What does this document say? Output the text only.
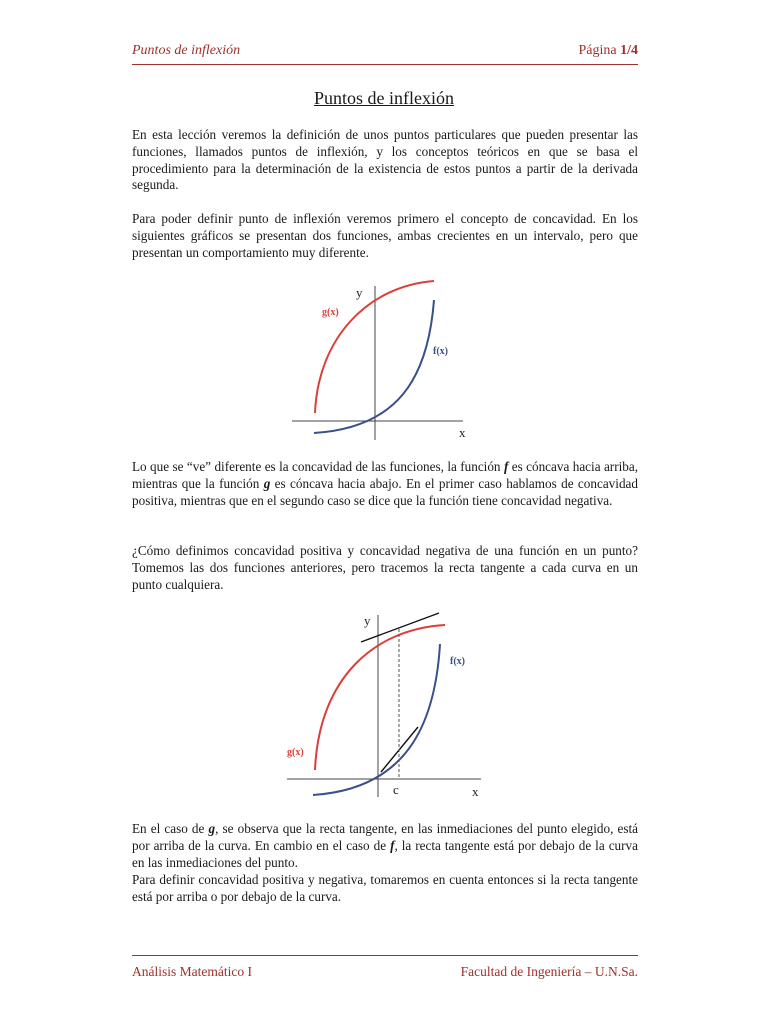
Puntos de inflexión	Página 1/4
Puntos de inflexión

En esta lección veremos la definición de unos puntos particulares que pueden presentar las funciones, llamados puntos de inflexión, y los conceptos teóricos en que se basa el procedimiento para la determinación de la existencia de estos puntos a partir de la derivada segunda.

Para poder definir punto de inflexión veremos primero el concepto de concavidad. En los siguientes gráficos se presentan dos funciones, ambas crecientes en un intervalo, pero que presentan un comportamiento muy diferente.

y
x
g(x)
f(x)

Lo que se “ve” diferente es la concavidad de las funciones, la función f es cóncava hacia arriba, mientras que la función g es cóncava hacia abajo. En el primer caso hablamos de concavidad positiva, mientras que en el segundo caso se dice que la función tiene concavidad negativa.

¿Cómo definimos concavidad positiva y concavidad negativa de una función en un punto? Tomemos las dos funciones anteriores, pero tracemos la recta tangente a cada curva en un punto cualquiera.

y
x
c
g(x)
f(x)

En el caso de g, se observa que la recta tangente, en las inmediaciones del punto elegido, está por arriba de la curva. En cambio en el caso de f, la recta tangente está por debajo de la curva en las inmediaciones del punto.

Para definir concavidad positiva y negativa, tomaremos en cuenta entonces si la recta tangente está por arriba o por debajo de la curva.

Análisis Matemático I	Facultad de Ingeniería – U.N.Sa.
